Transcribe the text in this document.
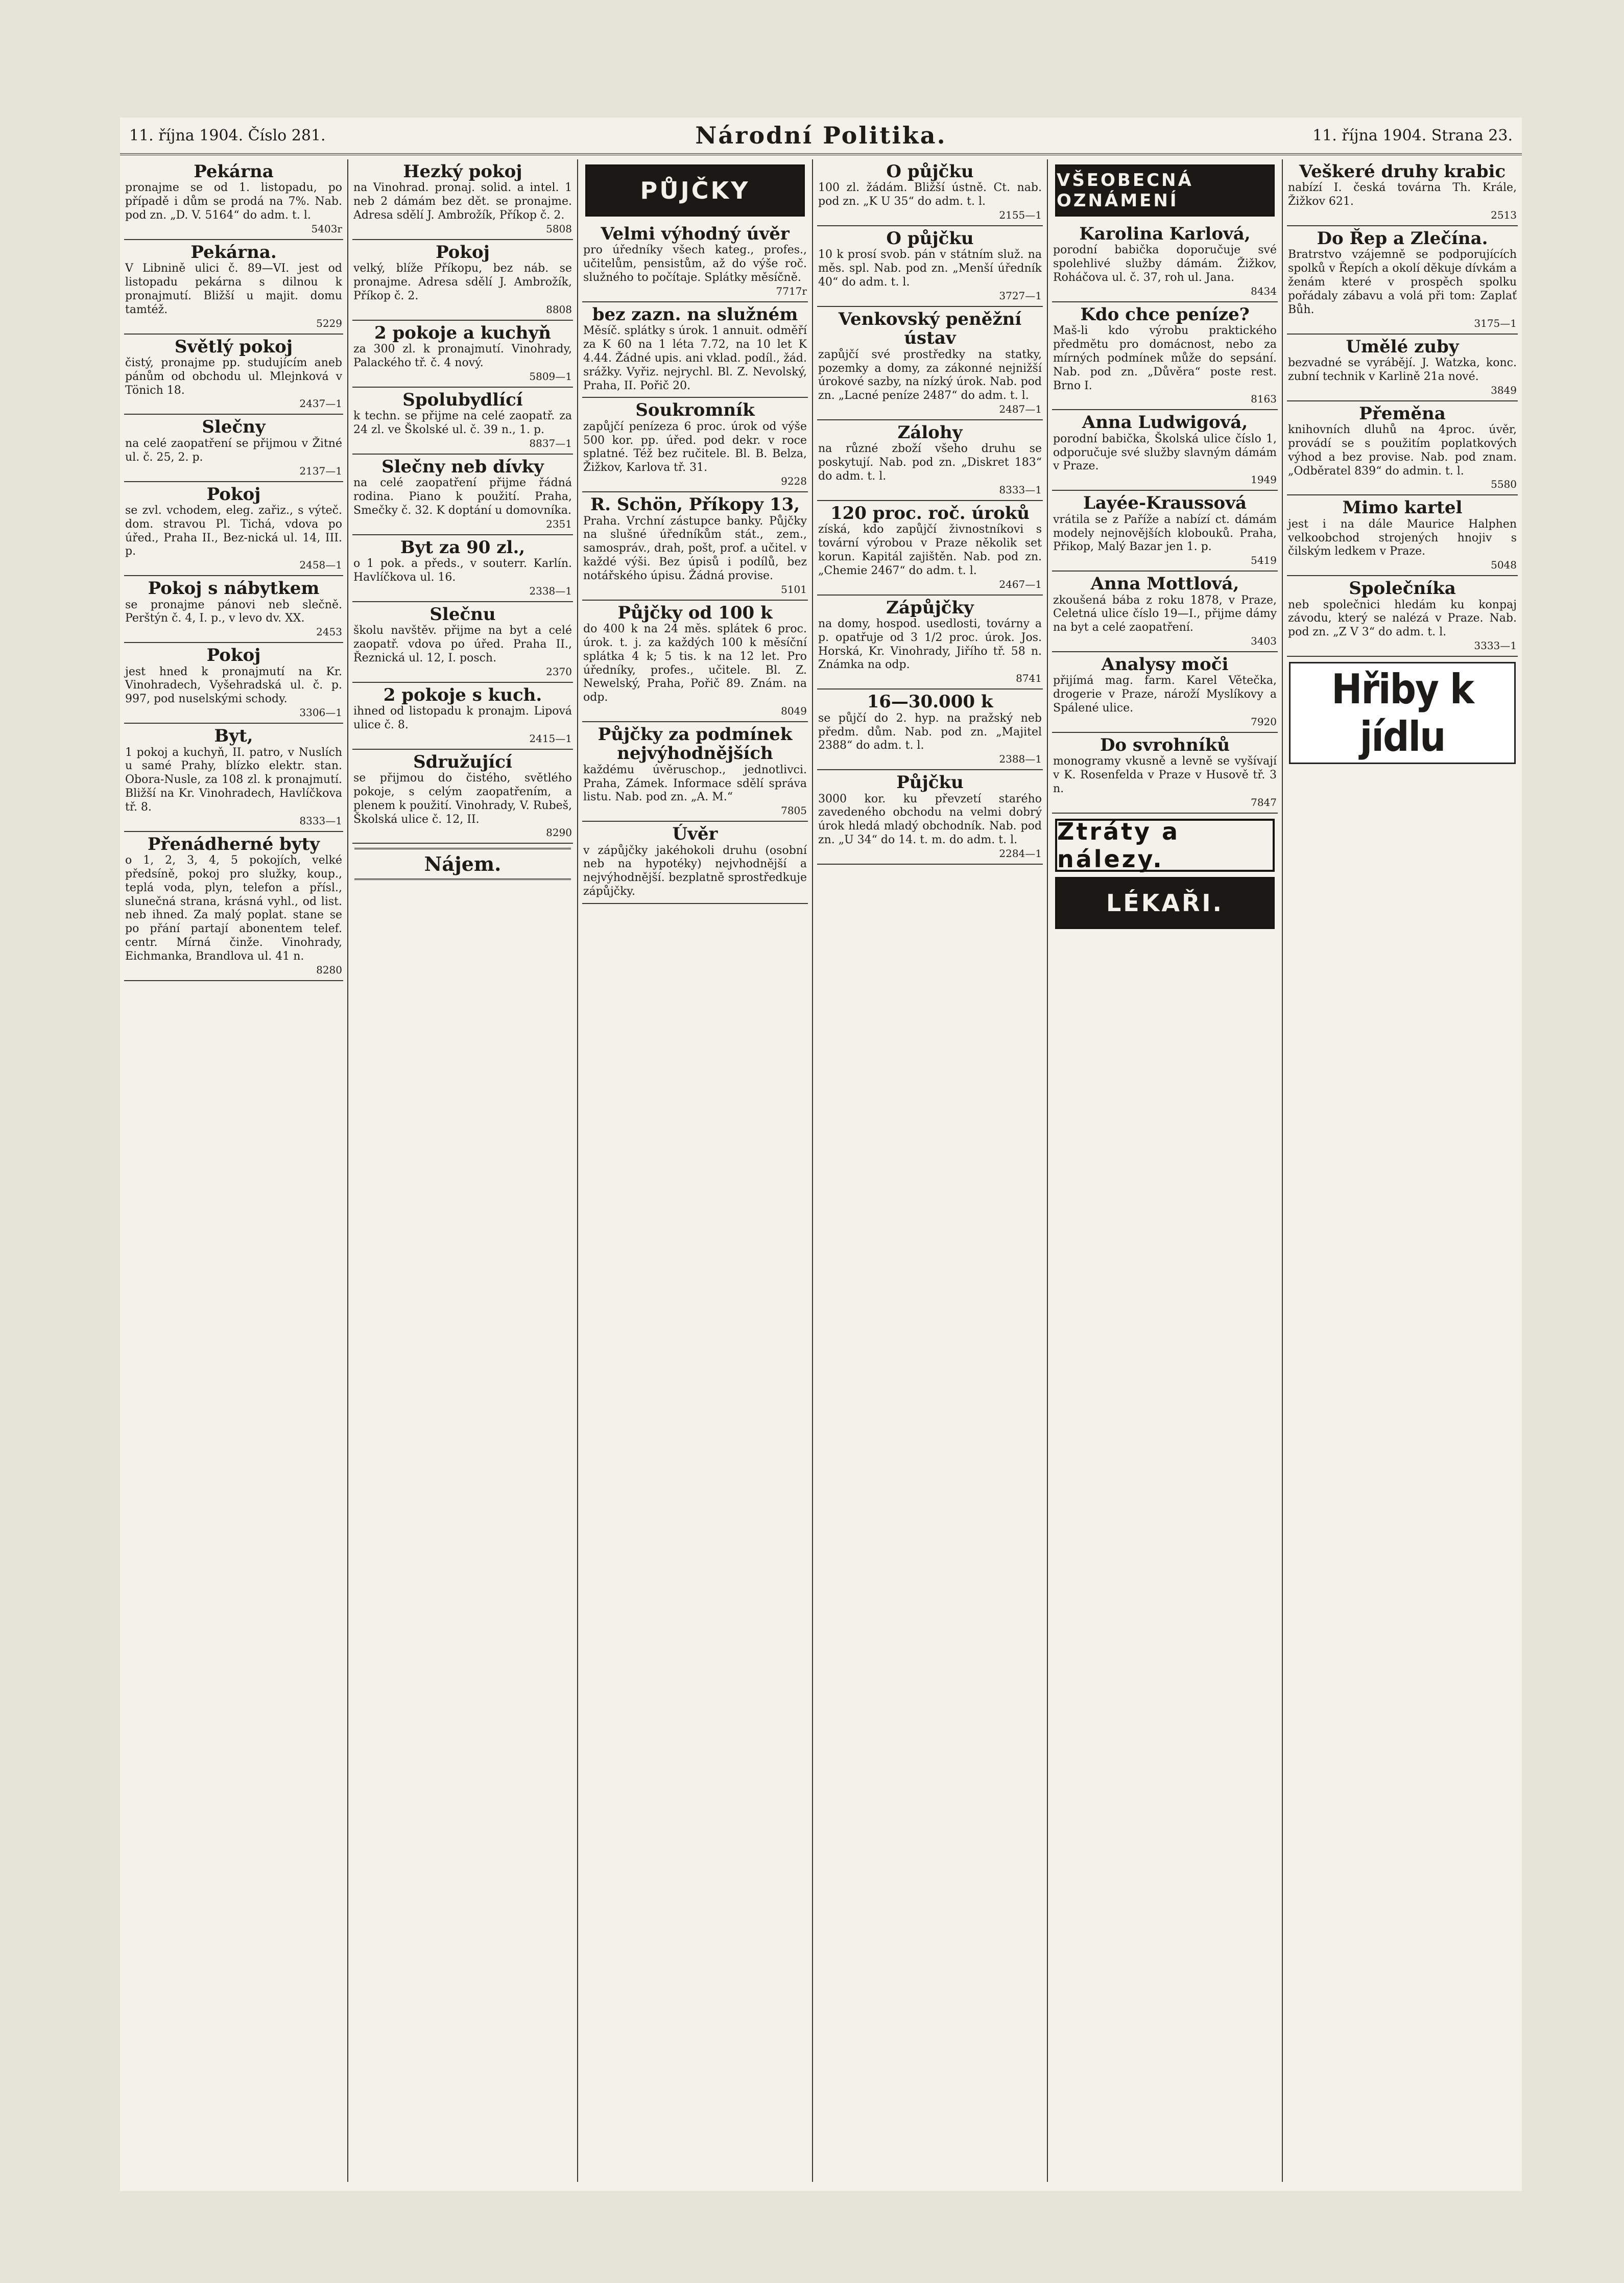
11. října 1904. Číslo 281.	Národní Politika.	11. října 1904. Strana 23.
Pekárna
pronajme se od 1. listopadu, po případě i dům se prodá na 7%. Nab. pod zn. „D. V. 5164“ do adm. t. l.
5403r
Pekárna.
V Libnině ulici č. 89—VI. jest od listopadu pekárna s dilnou k pronajmutí. Bližší u majit. domu tamtéž.
5229
Světlý pokoj
čistý, pronajme pp. studujícím aneb pánům od obchodu ul. Mlejnková v Tönich 18.
2437—1
Slečny
na celé zaopatření se přijmou v Žitné ul. č. 25, 2. p.
2137—1
Pokoj
se zvl. vchodem, eleg. zařiz., s výteč. dom. stravou Pl. Tichá, vdova po úřed., Praha II., Bez-nická ul. 14, III. p.
2458—1
Pokoj s nábytkem
se pronajme pánovi neb slečně. Perštýn č. 4, I. p., v levo dv. XX.
2453
Pokoj
jest hned k pronajmutí na Kr. Vinohradech, Vyšehradská ul. č. p. 997, pod nuselskými schody.
3306—1
Byt,
1 pokoj a kuchyň, II. patro, v Nuslích u samé Prahy, blízko elektr. stan. Obora-Nusle, za 108 zl. k pronajmutí. Bližší na Kr. Vinohradech, Havlíčkova tř. 8.
8333—1
Přenádherné byty
o 1, 2, 3, 4, 5 pokojích, velké předsíně, pokoj pro služky, koup., teplá voda, plyn, telefon a přísl., slunečná strana, krásná vyhl., od list. neb ihned. Za malý poplat. stane se po přání partají abonentem telef. centr. Mírná činže. Vinohrady, Eichmanka, Brandlova ul. 41 n.
8280
Hezký pokoj
na Vinohrad. pronaj. solid. a intel. 1 neb 2 dámám bez dět. se pronajme. Adresa sdělí J. Ambrožík, Příkop č. 2.
5808
Pokoj
velký, blíže Příkopu, bez náb. se pronajme. Adresa sdělí J. Ambrožík, Příkop č. 2.
8808
2 pokoje a kuchyň
za 300 zl. k pronajmutí. Vinohrady, Palackého tř. č. 4 nový.
5809—1
Spolubydlící
k techn. se přijme na celé zaopatř. za 24 zl. ve Školské ul. č. 39 n., 1. p.
8837—1
Slečny neb dívky
na celé zaopatření přijme řádná rodina. Piano k použití. Praha, Smečky č. 32. K doptání u domovníka.
2351
Byt za 90 zl.,
o 1 pok. a předs., v souterr. Karlín. Havlíčkova ul. 16.
2338—1
Slečnu
školu navštěv. přijme na byt a celé zaopatř. vdova po úřed. Praha II., Řeznická ul. 12, I. posch.
2370
2 pokoje s kuch.
ihned od listopadu k pronajm. Lipová ulice č. 8.
2415—1
Sdružující
se přijmou do čistého, světlého pokoje, s celým zaopatřením, a plenem k použití. Vinohrady, V. Rubeš, Školská ulice č. 12, II.
8290
Nájem.
PŮJČKY
Velmi výhodný úvěr
pro úředníky všech kateg., profes., učitelům, pensistům, až do výše roč. služného to počítaje. Splátky měsíčně.
7717r
bez zazn. na služném
Měsíč. splátky s úrok. 1 annuit. odměří za K 60 na 1 léta 7.72, na 10 let K 4.44. Žádné upis. ani vklad. podíl., žád. srážky. Vyřiz. nejrychl. Bl. Z. Nevolský, Praha, II. Pořič 20.
Soukromník
zapůjčí penízeza 6 proc. úrok od výše 500 kor. pp. úřed. pod dekr. v roce splatné. Též bez ručitele. Bl. B. Belza, Žižkov, Karlova tř. 31.
9228
R. Schön, Příkopy 13,
Praha. Vrchní zástupce banky. Půjčky na slušné úředníkům stát., zem., samospráv., drah, pošt, prof. a učitel. v každé výši. Bez úpisů i podílů, bez notářského úpisu. Žádná provise.
5101
Půjčky od 100 k
do 400 k na 24 měs. splátek 6 proc. úrok. t. j. za každých 100 k měsíční splátka 4 k; 5 tis. k na 12 let. Pro úředníky, profes., učitele. Bl. Z. Newelský, Praha, Pořič 89. Znám. na odp.
8049
Půjčky za podmínek nejvýhodnějších
každému úvěruschop., jednotlivci. Praha, Zámek. Informace sdělí správa listu. Nab. pod zn. „A. M.“
7805
Úvěr
v zápůjčky jakéhokoli druhu (osobní neb na hypotéky) nejvhodnější a nejvýhodnější. bezplatně sprostředkuje zápůjčky.
O půjčku
100 zl. žádám. Bližší ústně. Ct. nab. pod zn. „K U 35“ do adm. t. l.
2155—1
O půjčku
10 k prosí svob. pán v státním služ. na měs. spl. Nab. pod zn. „Menší úředník 40“ do adm. t. l.
3727—1
Venkovský peněžní ústav
zapůjčí své prostředky na statky, pozemky a domy, za zákonné nejnižší úrokové sazby, na nízký úrok. Nab. pod zn. „Lacné peníze 2487“ do adm. t. l.
2487—1
Zálohy
na různé zboží všeho druhu se poskytují. Nab. pod zn. „Diskret 183“ do adm. t. l.
8333—1
120 proc. roč. úroků
získá, kdo zapůjčí živnostníkovi s tovární výrobou v Praze několik set korun. Kapitál zajištěn. Nab. pod zn. „Chemie 2467“ do adm. t. l.
2467—1
Zápůjčky
na domy, hospod. usedlosti, továrny a p. opatřuje od 3 1/2 proc. úrok. Jos. Horská, Kr. Vinohrady, Jiřího tř. 58 n. Známka na odp.
8741
16—30.000 k
se půjčí do 2. hyp. na pražský neb předm. dům. Nab. pod zn. „Majitel 2388“ do adm. t. l.
2388—1
Půjčku
3000 kor. ku převzetí starého zavedeného obchodu na velmi dobrý úrok hledá mladý obchodník. Nab. pod zn. „U 34“ do 14. t. m. do adm. t. l.
2284—1
VŠEOBECNÁ OZNÁMENÍ
Karolina Karlová,
porodní babička doporučuje své spolehlivé služby dámám. Žižkov, Roháčova ul. č. 37, roh ul. Jana.
8434
Kdo chce peníze?
Maš-li kdo výrobu praktického předmětu pro domácnost, nebo za mírných podmínek může do sepsání. Nab. pod zn. „Důvěra“ poste rest. Brno I.
8163
Anna Ludwigová,
porodní babička, Školská ulice číslo 1, odporučuje své služby slavným dámám v Praze.
1949
Layée-Kraussová
vrátila se z Paříže a nabízí ct. dámám modely nejnovějších klobouků. Praha, Přikop, Malý Bazar jen 1. p.
5419
Anna Mottlová,
zkoušená bába z roku 1878, v Praze, Celetná ulice číslo 19—I., přijme dámy na byt a celé zaopatření.
3403
Analysy moči
přijímá mag. farm. Karel Větečka, drogerie v Praze, nároží Myslíkovy a Spálené ulice.
7920
Do svrohníků
monogramy vkusně a levně se vyšívají v K. Rosenfelda v Praze v Husově tř. 3 n.
7847
Ztráty a nálezy.
LÉKAŘI.
Veškeré druhy krabic
nabízí I. česká továrna Th. Krále, Žižkov 621.
2513
Do Řep a Zlečína.
Bratrstvo vzájemně se podporujících spolků v Řepích a okolí děkuje dívkám a ženám které v prospěch spolku pořádaly zábavu a volá při tom: Zaplať Bůh.
3175—1
Umělé zuby
bezvadné se vyrábějí. J. Watzka, konc. zubní technik v Karlině 21a nové.
3849
Přeměna
knihovních dluhů na 4proc. úvěr, provádí se s použitím poplatkových výhod a bez provise. Nab. pod znam. „Odběratel 839“ do admin. t. l.
5580
Mimo kartel
jest i na dále Maurice Halphen velkoobchod strojených hnojiv s čilským ledkem v Praze.
5048
Společníka
neb společnici hledám ku konpaj závodu, který se nalézá v Praze. Nab. pod zn. „Z V 3“ do adm. t. l.
3333—1
Hřiby k jídlu
